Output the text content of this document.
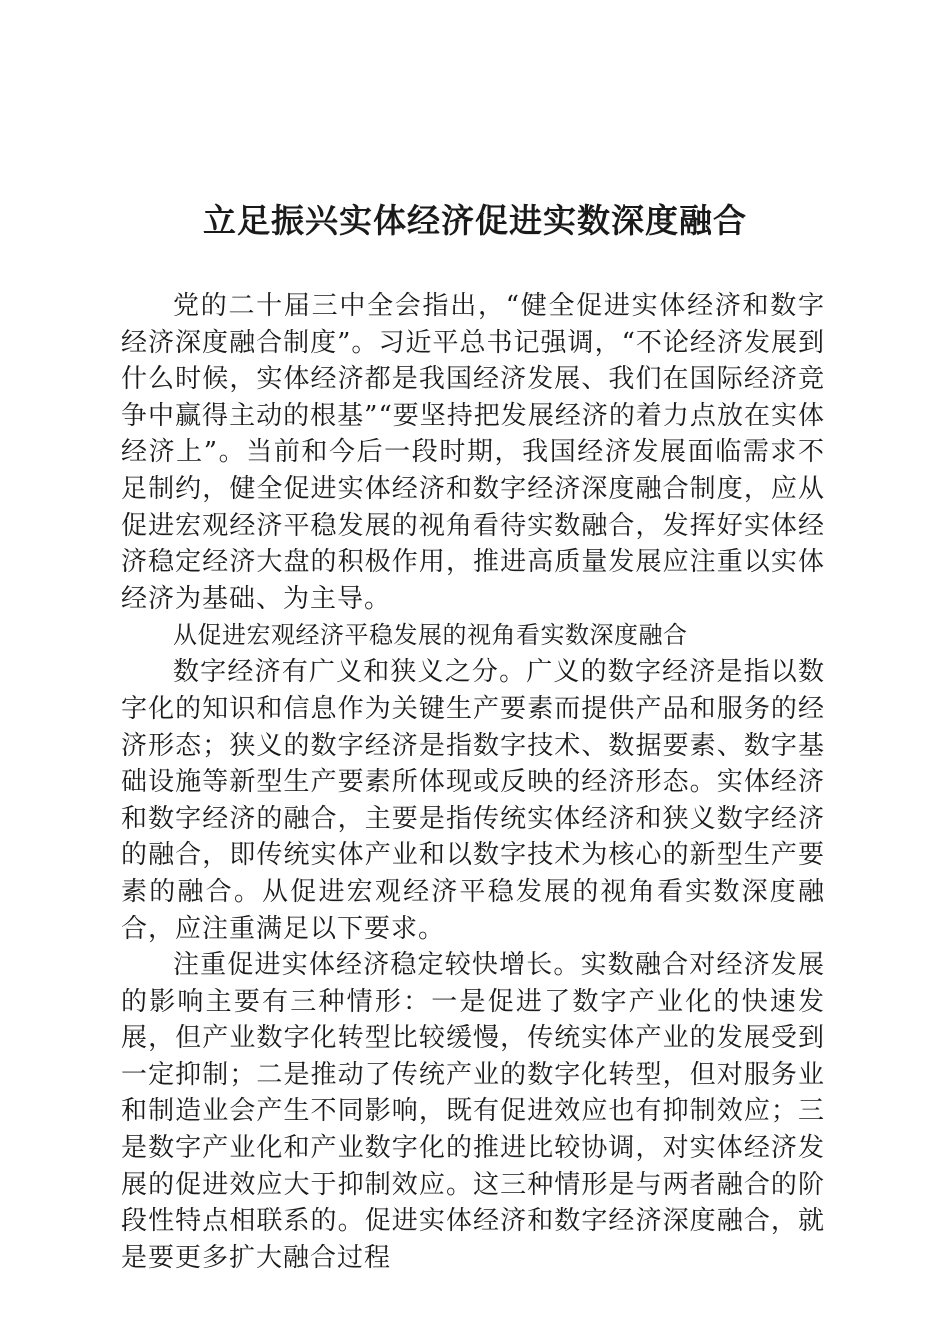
立足振兴实体经济促进实数深度融合

党的二十届三中全会指出，“健全促进实体经济和数字经济深度融合制度”。习近平总书记强调，“不论经济发展到什么时候，实体经济都是我国经济发展、我们在国际经济竞争中赢得主动的根基”“要坚持把发展经济的着力点放在实体经济上”。当前和今后一段时期，我国经济发展面临需求不足制约，健全促进实体经济和数字经济深度融合制度，应从促进宏观经济平稳发展的视角看待实数融合，发挥好实体经济稳定经济大盘的积极作用，推进高质量发展应注重以实体经济为基础、为主导。

从促进宏观经济平稳发展的视角看实数深度融合

数字经济有广义和狭义之分。广义的数字经济是指以数字化的知识和信息作为关键生产要素而提供产品和服务的经济形态；狭义的数字经济是指数字技术、数据要素、数字基础设施等新型生产要素所体现或反映的经济形态。实体经济和数字经济的融合，主要是指传统实体经济和狭义数字经济的融合，即传统实体产业和以数字技术为核心的新型生产要素的融合。从促进宏观经济平稳发展的视角看实数深度融合，应注重满足以下要求。

注重促进实体经济稳定较快增长。实数融合对经济发展的影响主要有三种情形：一是促进了数字产业化的快速发展，但产业数字化转型比较缓慢，传统实体产业的发展受到一定抑制；二是推动了传统产业的数字化转型，但对服务业和制造业会产生不同影响，既有促进效应也有抑制效应；三是数字产业化和产业数字化的推进比较协调，对实体经济发展的促进效应大于抑制效应。这三种情形是与两者融合的阶段性特点相联系的。促进实体经济和数字经济深度融合，就是要更多扩大融合过程
